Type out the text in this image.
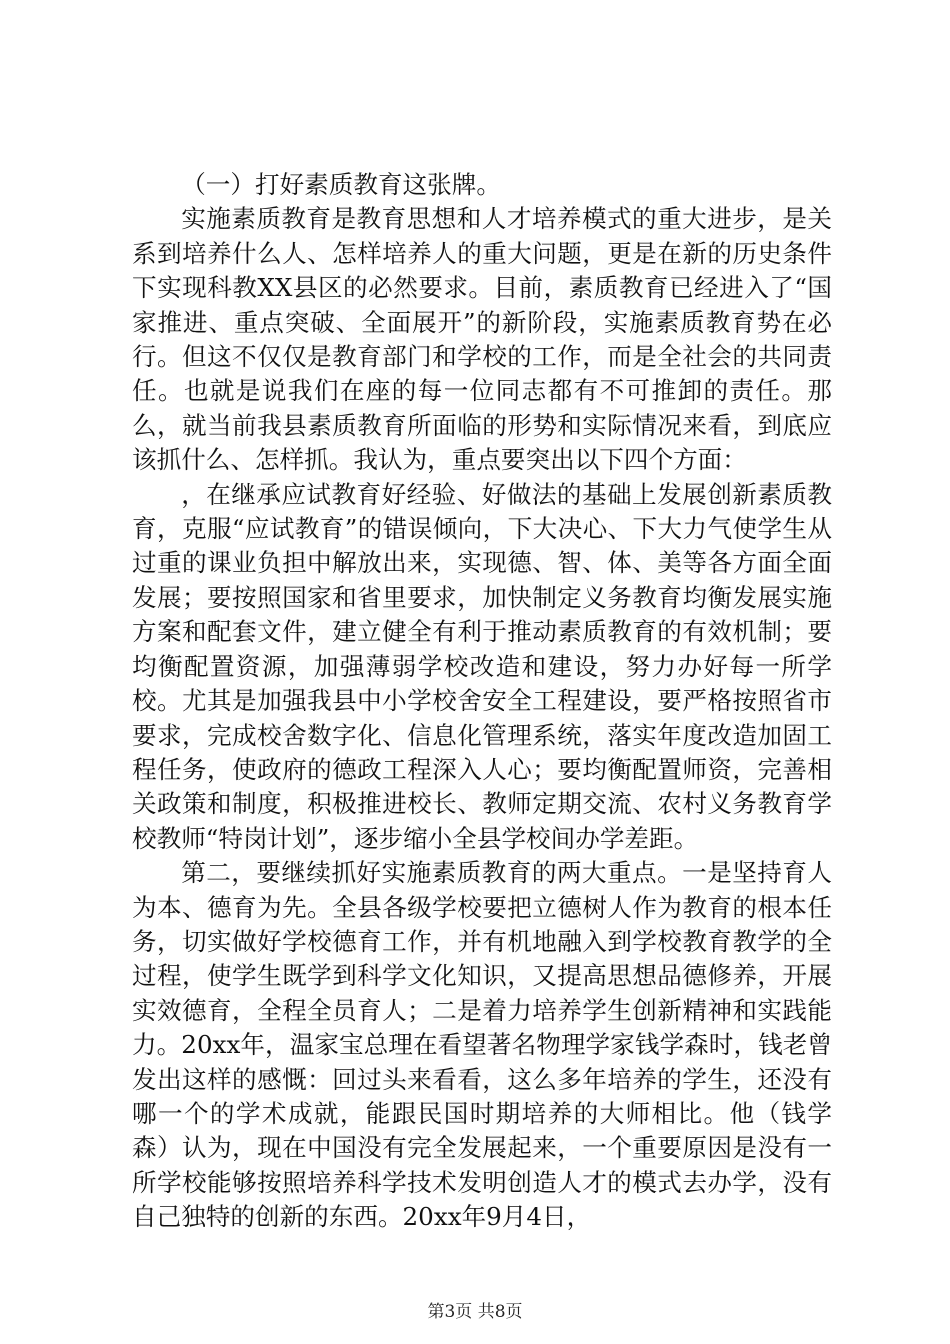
（一）打好素质教育这张牌。

实施素质教育是教育思想和人才培养模式的重大进步，是关系到培养什么人、怎样培养人的重大问题，更是在新的历史条件下实现科教XX县区的必然要求。目前，素质教育已经进入了“国家推进、重点突破、全面展开”的新阶段，实施素质教育势在必行。但这不仅仅是教育部门和学校的工作，而是全社会的共同责任。也就是说我们在座的每一位同志都有不可推卸的责任。那么，就当前我县素质教育所面临的形势和实际情况来看，到底应该抓什么、怎样抓。我认为，重点要突出以下四个方面：

，在继承应试教育好经验、好做法的基础上发展创新素质教育，克服“应试教育”的错误倾向，下大决心、下大力气使学生从过重的课业负担中解放出来，实现德、智、体、美等各方面全面发展；要按照国家和省里要求，加快制定义务教育均衡发展实施方案和配套文件，建立健全有利于推动素质教育的有效机制；要均衡配置资源，加强薄弱学校改造和建设，努力办好每一所学校。尤其是加强我县中小学校舍安全工程建设，要严格按照省市要求，完成校舍数字化、信息化管理系统，落实年度改造加固工程任务，使政府的德政工程深入人心；要均衡配置师资，完善相关政策和制度，积极推进校长、教师定期交流、农村义务教育学校教师“特岗计划”，逐步缩小全县学校间办学差距。

第二，要继续抓好实施素质教育的两大重点。一是坚持育人为本、德育为先。全县各级学校要把立德树人作为教育的根本任务，切实做好学校德育工作，并有机地融入到学校教育教学的全过程，使学生既学到科学文化知识，又提高思想品德修养，开展实效德育，全程全员育人；二是着力培养学生创新精神和实践能力。20xx年，温家宝总理在看望著名物理学家钱学森时，钱老曾发出这样的感慨：回过头来看看，这么多年培养的学生，还没有哪一个的学术成就，能跟民国时期培养的大师相比。他（钱学森）认为，现在中国没有完全发展起来，一个重要原因是没有一所学校能够按照培养科学技术发明创造人才的模式去办学，没有自己独特的创新的东西。20xx年9月4日，

第3页 共8页
